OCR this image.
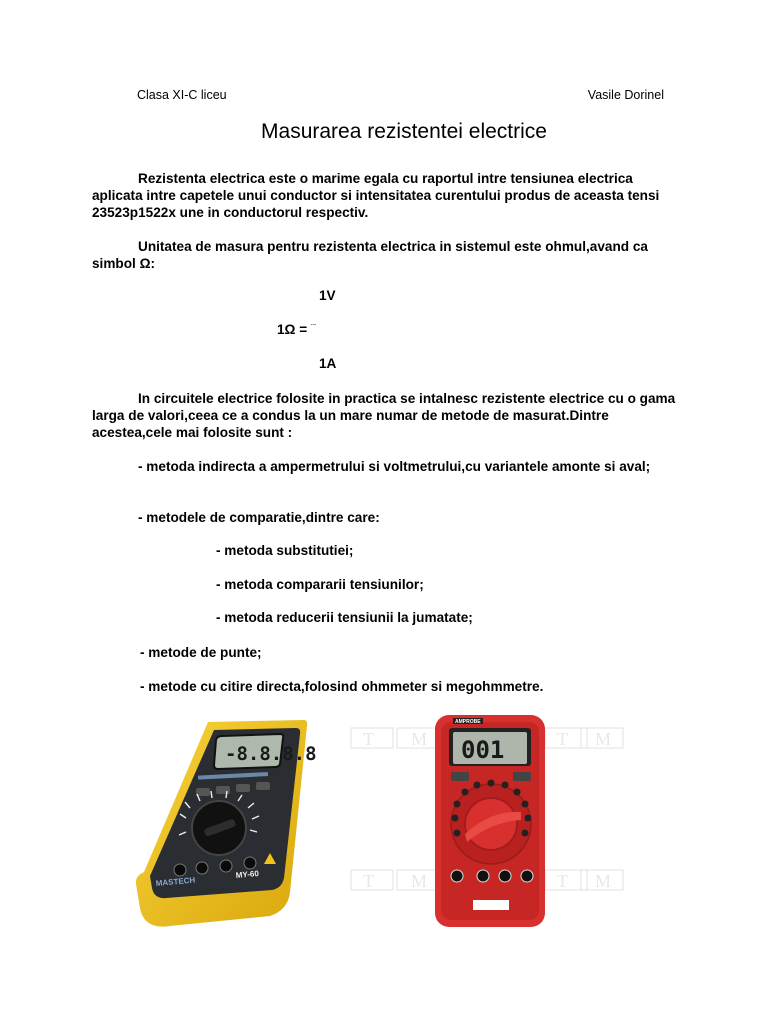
Clasa XI-C liceu	Vasile Dorinel
Masurarea rezistentei electrice

Rezistenta electrica este o marime egala cu raportul intre tensiunea electrica aplicata intre capetele unui conductor si intensitatea curentului produs de aceasta tensi 23523p1522x une in conductorul respectiv.

Unitatea de masura pentru rezistenta electrica in sistemul este ohmul,avand ca simbol Ω:

1V
1Ω = ¨¨
1A

In circuitele electrice folosite in practica se intalnesc rezistente electrice cu o gama larga de valori,ceea ce a condus la un mare numar de metode de masurat.Dintre acestea,cele mai folosite sunt :

- metoda indirecta a ampermetrului si voltmetrului,cu variantele amonte si aval;

- metodele de comparatie,dintre care:
- metoda substitutiei;
- metoda compararii tensiunilor;
- metoda reducerii tensiunii la jumatate;
- metode de punte;
- metode cu citire directa,folosind ohmmeter si megohmmetre.
-8.8.8.8
MASTECH
MY-60
T M	T M
T M	T M
AMPROBE
001
